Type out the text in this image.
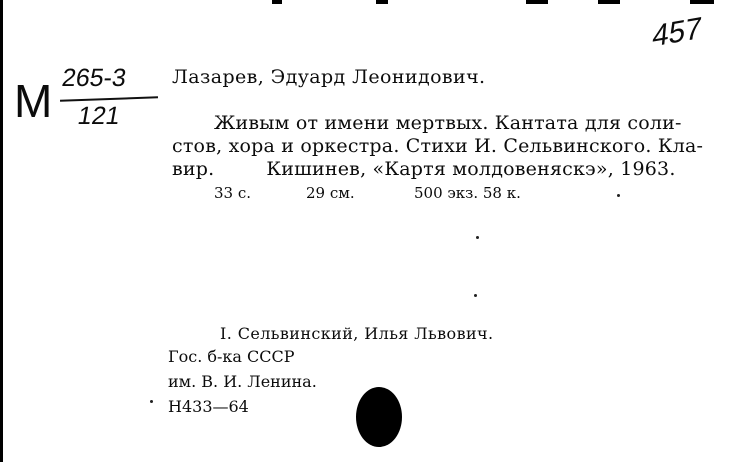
М 265-3
121
457
Лазарев, Эдуард Леонидович.
Живым от имени мертвых. Кантата для соли-
стов, хора и оркестра. Стихи И. Сельвинского. Кла-
вир.	Кишинев, «Картя молдовеняскэ», 1963.
33 с.	29 см.	500 экз. 58 к.
I. Сельвинский, Илья Львович.
Гос. б-ка СССР
им. В. И. Ленина.
Н433—64
